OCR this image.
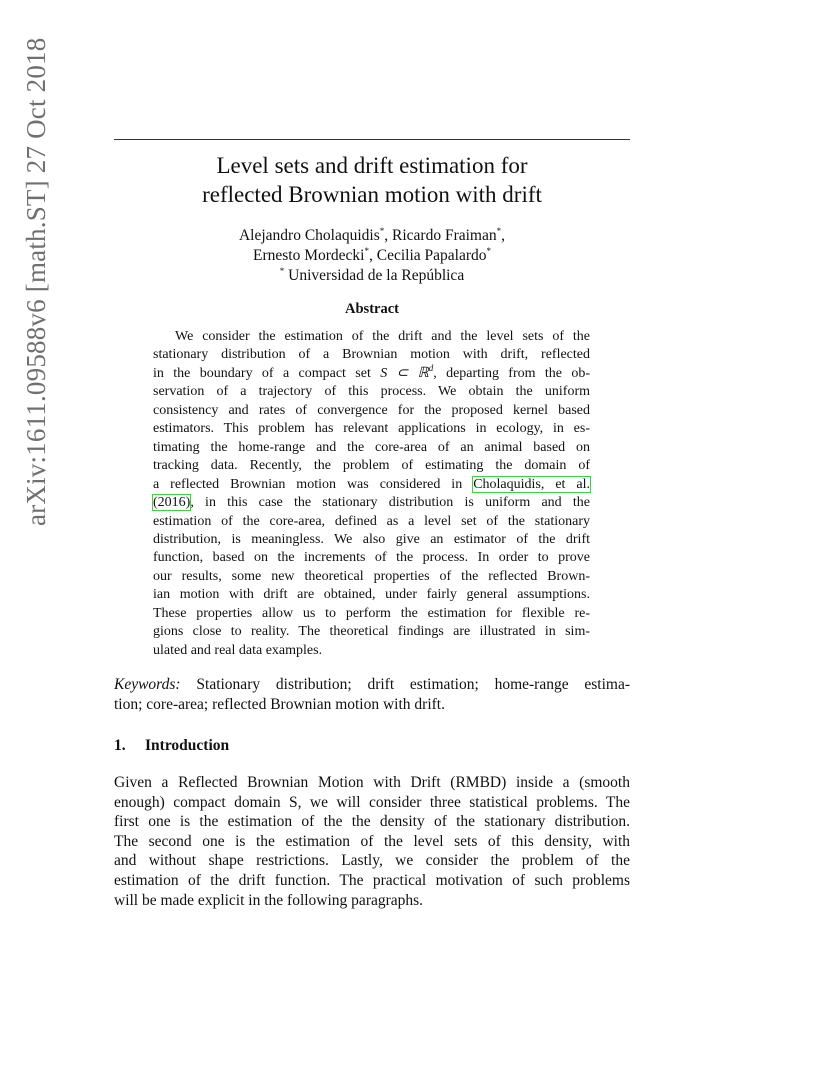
arXiv:1611.09588v6 [math.ST] 27 Oct 2018	Level sets and drift estimation for
reflected Brownian motion with drift
Alejandro Cholaquidis*, Ricardo Fraiman*,
Ernesto Mordecki*, Cecilia Papalardo*
* Universidad de la República
Abstract
We consider the estimation of the drift and the level sets of the
stationary distribution of a Brownian motion with drift, reflected
in the boundary of a compact set S ⊂ ℝ$^d$, departing from the ob-
servation of a trajectory of this process. We obtain the uniform
consistency and rates of convergence for the proposed kernel based
estimators. This problem has relevant applications in ecology, in es-
timating the home-range and the core-area of an animal based on
tracking data. Recently, the problem of estimating the domain of
a reflected Brownian motion was considered in Cholaquidis, et al.
(2016), in this case the stationary distribution is uniform and the
estimation of the core-area, defined as a level set of the stationary
distribution, is meaningless. We also give an estimator of the drift
function, based on the increments of the process. In order to prove
our results, some new theoretical properties of the reflected Brown-
ian motion with drift are obtained, under fairly general assumptions.
These properties allow us to perform the estimation for flexible re-
gions close to reality. The theoretical findings are illustrated in sim-
ulated and real data examples.
Keywords: Stationary distribution; drift estimation; home-range estima-
tion; core-area; reflected Brownian motion with drift.
1. Introduction
Given a Reflected Brownian Motion with Drift (RMBD) inside a (smooth
enough) compact domain S, we will consider three statistical problems. The
first one is the estimation of the the density of the stationary distribution.
The second one is the estimation of the level sets of this density, with
and without shape restrictions. Lastly, we consider the problem of the
estimation of the drift function. The practical motivation of such problems
will be made explicit in the following paragraphs.
